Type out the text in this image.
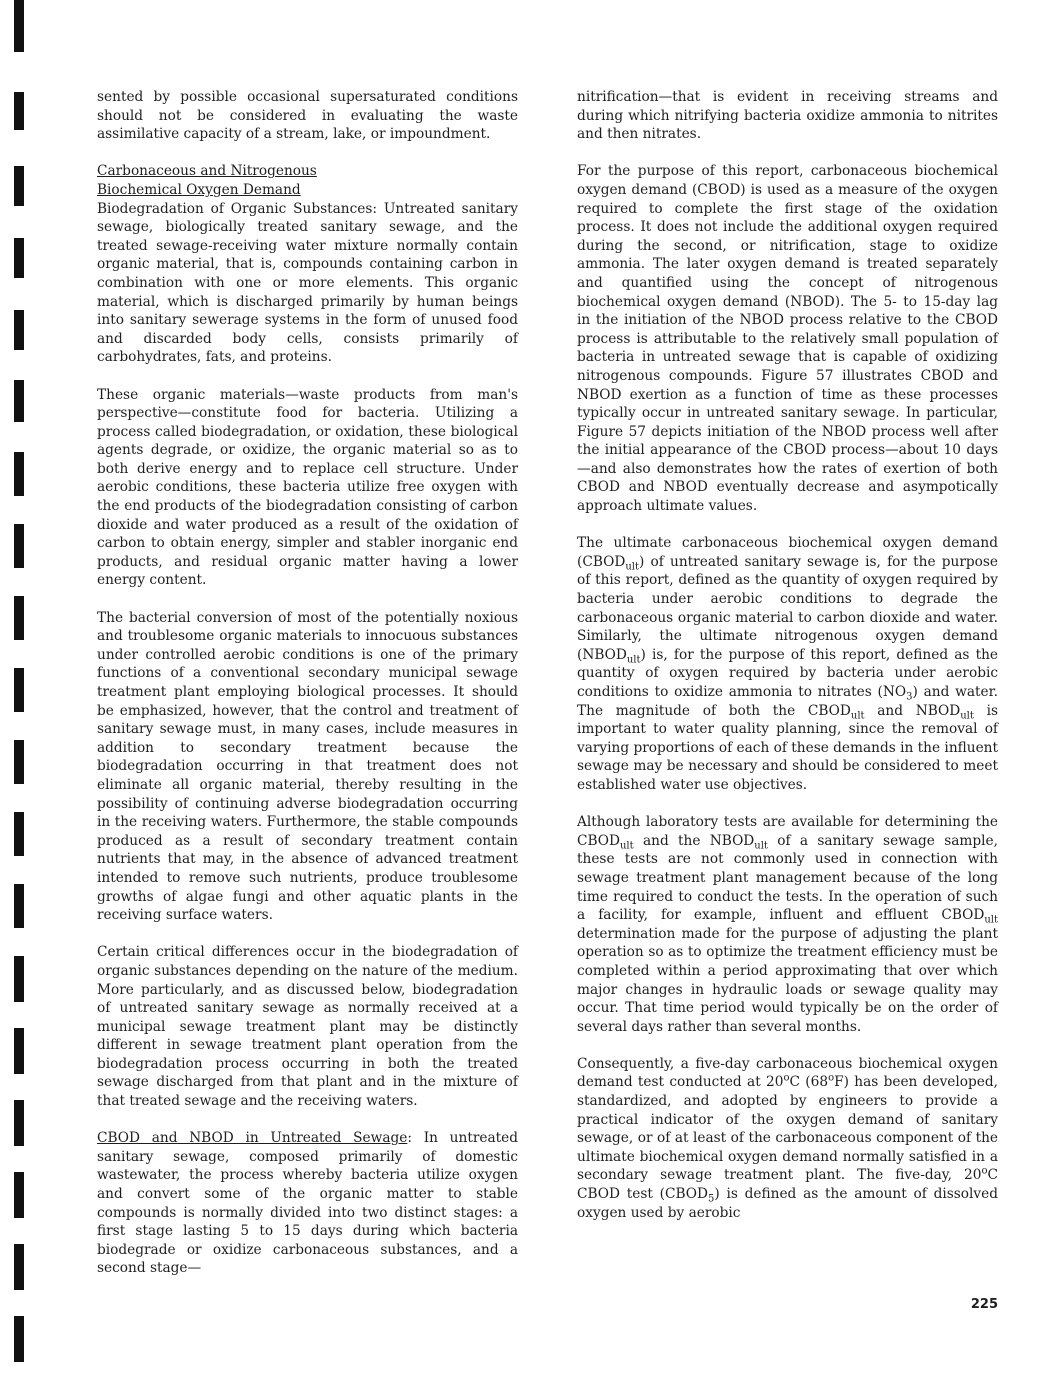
sented by possible occasional supersaturated conditions should not be considered in evaluating the waste assimilative capacity of a stream, lake, or impoundment.

Carbonaceous and Nitrogenous
Biochemical Oxygen Demand

Biodegradation of Organic Substances: Untreated sanitary sewage, biologically treated sanitary sewage, and the treated sewage-receiving water mixture normally contain organic material, that is, compounds containing carbon in combination with one or more elements. This organic material, which is discharged primarily by human beings into sanitary sewerage systems in the form of unused food and discarded body cells, consists primarily of carbohydrates, fats, and proteins.

These organic materials—waste products from man's perspective—constitute food for bacteria. Utilizing a process called biodegradation, or oxidation, these biological agents degrade, or oxidize, the organic material so as to both derive energy and to replace cell structure. Under aerobic conditions, these bacteria utilize free oxygen with the end products of the biodegradation consisting of carbon dioxide and water produced as a result of the oxidation of carbon to obtain energy, simpler and stabler inorganic end products, and residual organic matter having a lower energy content.

The bacterial conversion of most of the potentially noxious and troublesome organic materials to innocuous substances under controlled aerobic conditions is one of the primary functions of a conventional secondary municipal sewage treatment plant employing biological processes. It should be emphasized, however, that the control and treatment of sanitary sewage must, in many cases, include measures in addition to secondary treatment because the biodegradation occurring in that treatment does not eliminate all organic material, thereby resulting in the possibility of continuing adverse biodegradation occurring in the receiving waters. Furthermore, the stable compounds produced as a result of secondary treatment contain nutrients that may, in the absence of advanced treatment intended to remove such nutrients, produce troublesome growths of algae fungi and other aquatic plants in the receiving surface waters.

Certain critical differences occur in the biodegradation of organic substances depending on the nature of the medium. More particularly, and as discussed below, biodegradation of untreated sanitary sewage as normally received at a municipal sewage treatment plant may be distinctly different in sewage treatment plant operation from the biodegradation process occurring in both the treated sewage discharged from that plant and in the mixture of that treated sewage and the receiving waters.

CBOD and NBOD in Untreated Sewage: In untreated sanitary sewage, composed primarily of domestic wastewater, the process whereby bacteria utilize oxygen and convert some of the organic matter to stable compounds is normally divided into two distinct stages: a first stage lasting 5 to 15 days during which bacteria biodegrade or oxidize carbonaceous substances, and a second stage—

nitrification—that is evident in receiving streams and during which nitrifying bacteria oxidize ammonia to nitrites and then nitrates.

For the purpose of this report, carbonaceous biochemical oxygen demand (CBOD) is used as a measure of the oxygen required to complete the first stage of the oxidation process. It does not include the additional oxygen required during the second, or nitrification, stage to oxidize ammonia. The later oxygen demand is treated separately and quantified using the concept of nitrogenous biochemical oxygen demand (NBOD). The 5- to 15-day lag in the initiation of the NBOD process relative to the CBOD process is attributable to the relatively small population of bacteria in untreated sewage that is capable of oxidizing nitrogenous compounds. Figure 57 illustrates CBOD and NBOD exertion as a function of time as these processes typically occur in untreated sanitary sewage. In particular, Figure 57 depicts initiation of the NBOD process well after the initial appearance of the CBOD process—about 10 days—and also demonstrates how the rates of exertion of both CBOD and NBOD eventually decrease and asympotically approach ultimate values.

The ultimate carbonaceous biochemical oxygen demand $(CBOD_{ult})$ of untreated sanitary sewage is, for the purpose of this report, defined as the quantity of oxygen required by bacteria under aerobic conditions to degrade the carbonaceous organic material to carbon dioxide and water. Similarly, the ultimate nitrogenous oxygen demand $(NBOD_{ult})$ is, for the purpose of this report, defined as the quantity of oxygen required by bacteria under aerobic conditions to oxidize ammonia to nitrates $(NO_3)$ and water. The magnitude of both the $CBOD_{ult}$ and $NBOD_{ult}$ is important to water quality planning, since the removal of varying proportions of each of these demands in the influent sewage may be necessary and should be considered to meet established water use objectives.

Although laboratory tests are available for determining the $CBOD_{ult}$ and the $NBOD_{ult}$ of a sanitary sewage sample, these tests are not commonly used in connection with sewage treatment plant management because of the long time required to conduct the tests. In the operation of such a facility, for example, influent and effluent $CBOD_{ult}$ determination made for the purpose of adjusting the plant operation so as to optimize the treatment efficiency must be completed within a period approximating that over which major changes in hydraulic loads or sewage quality may occur. That time period would typically be on the order of several days rather than several months.

Consequently, a five-day carbonaceous biochemical oxygen demand test conducted at 20$^o$C (68$^o$F) has been developed, standardized, and adopted by engineers to provide a practical indicator of the oxygen demand of sanitary sewage, or of at least of the carbonaceous component of the ultimate biochemical oxygen demand normally satisfied in a secondary sewage treatment plant. The five-day, 20$^o$C CBOD test $(CBOD_5)$ is defined as the amount of dissolved oxygen used by aerobic

225
